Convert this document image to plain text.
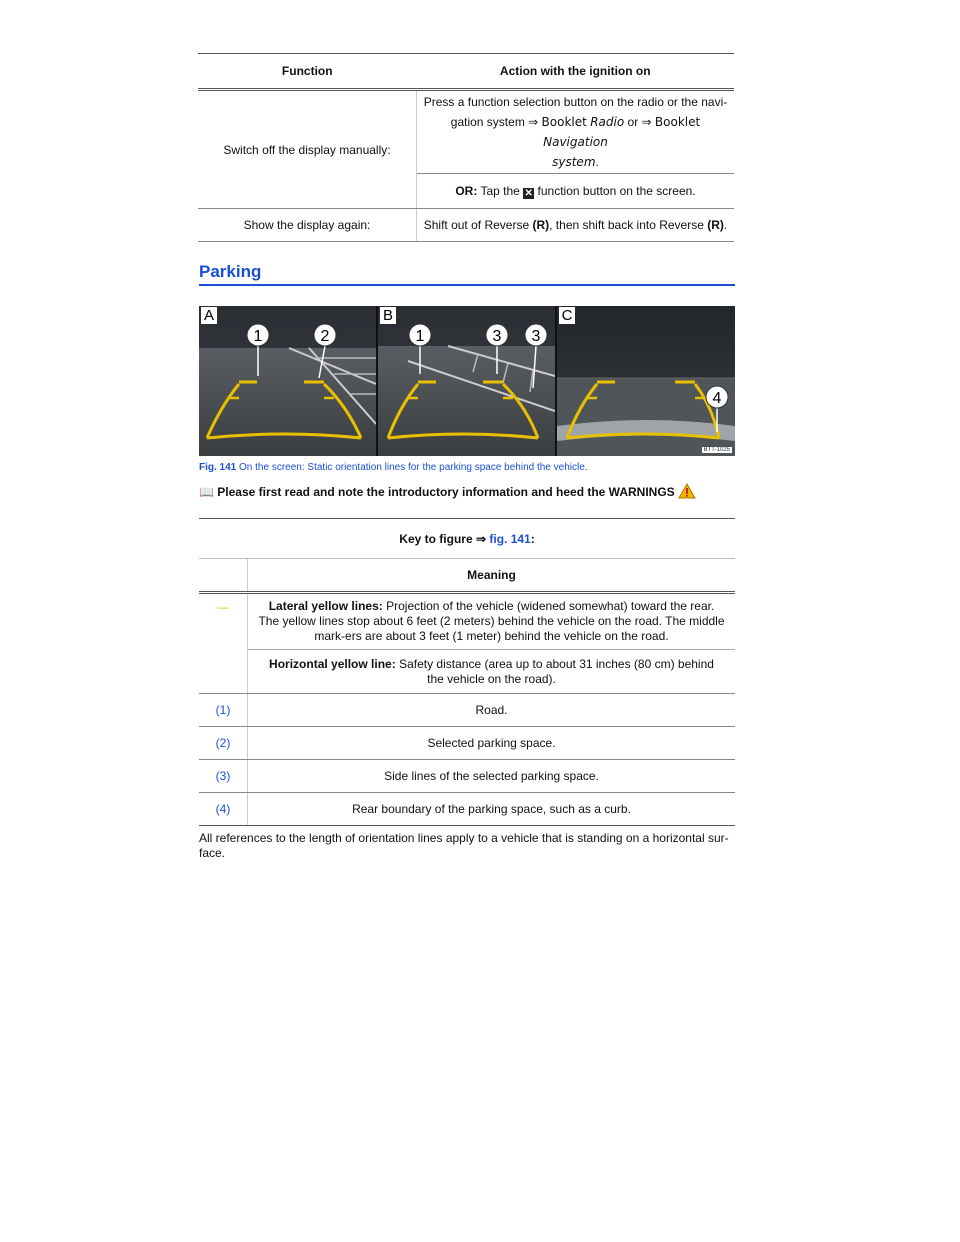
Function	Action with the ignition on
Switch off the display manually:	Press a function selection button on the radio or the navi-
gation system ⇒ Booklet Radio or ⇒ Booklet Navigation
system.
	OR: Tap the ✕ function button on the screen.
Show the display again:	Shift out of Reverse (R), then shift back into Reverse (R).
Parking
1	2
A
1	3 3
B
4
C
BTT-1025
Fig. 141 On the screen: Static orientation lines for the parking space behind the vehicle.
📖 Please first read and note the introductory information and heed the WARNINGS
Key to figure ⇒ fig. 141:	
	Meaning
—	Lateral yellow lines: Projection of the vehicle (widened somewhat) toward the rear. The yellow lines stop about 6 feet (2 meters) behind the vehicle on the road. The middle mark-ers are about 3 feet (1 meter) behind the vehicle on the road.
	Horizontal yellow line: Safety distance (area up to about 31 inches (80 cm) behind the vehicle on the road).
(1)	Road.
(2)	Selected parking space.
(3)	Side lines of the selected parking space.
(4)	Rear boundary of the parking space, such as a curb.
All references to the length of orientation lines apply to a vehicle that is standing on a horizontal sur-face.
